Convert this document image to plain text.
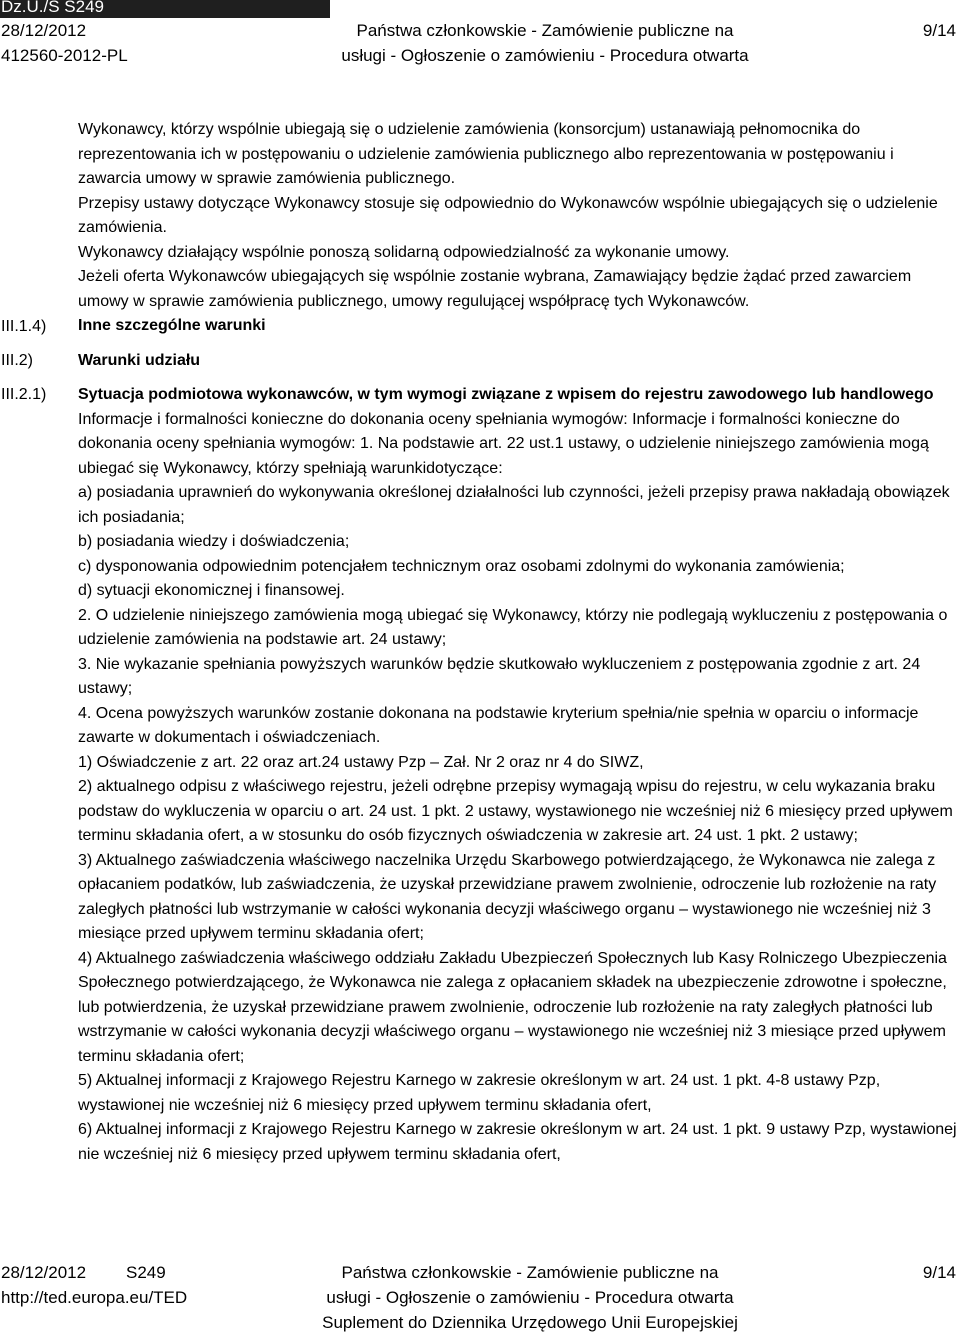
Dz.U./S S249
28/12/2012
412560-2012-PL
Państwa członkowskie - Zamówienie publiczne na
usługi - Ogłoszenie o zamówieniu - Procedura otwarta
9/14
III.1.4)
III.2)
III.2.1)

Wykonawcy, którzy wspólnie ubiegają się o udzielenie zamówienia (konsorcjum) ustanawiają pełnomocnika do reprezentowania ich w postępowaniu o udzielenie zamówienia publicznego albo reprezentowania w postępowaniu i zawarcia umowy w sprawie zamówienia publicznego.

Przepisy ustawy dotyczące Wykonawcy stosuje się odpowiednio do Wykonawców wspólnie ubiegających się o udzielenie zamówienia.

Wykonawcy działający wspólnie ponoszą solidarną odpowiedzialność za wykonanie umowy.

Jeżeli oferta Wykonawców ubiegających się wspólnie zostanie wybrana, Zamawiający będzie żądać przed zawarciem umowy w sprawie zamówienia publicznego, umowy regulującej współpracę tych Wykonawców.

Inne szczególne warunki

Warunki udziału

Sytuacja podmiotowa wykonawców, w tym wymogi związane z wpisem do rejestru zawodowego lub handlowego

Informacje i formalności konieczne do dokonania oceny spełniania wymogów: Informacje i formalności konieczne do dokonania oceny spełniania wymogów: 1. Na podstawie art. 22 ust.1 ustawy, o udzielenie niniejszego zamówienia mogą ubiegać się Wykonawcy, którzy spełniają warunkidotyczące:

a) posiadania uprawnień do wykonywania określonej działalności lub czynności, jeżeli przepisy prawa nakładają obowiązek ich posiadania;

b) posiadania wiedzy i doświadczenia;

c) dysponowania odpowiednim potencjałem technicznym oraz osobami zdolnymi do wykonania zamówienia;

d) sytuacji ekonomicznej i finansowej.

2. O udzielenie niniejszego zamówienia mogą ubiegać się Wykonawcy, którzy nie podlegają wykluczeniu z postępowania o udzielenie zamówienia na podstawie art. 24 ustawy;

3. Nie wykazanie spełniania powyższych warunków będzie skutkowało wykluczeniem z postępowania zgodnie z art. 24 ustawy;

4. Ocena powyższych warunków zostanie dokonana na podstawie kryterium spełnia/nie spełnia w oparciu o informacje zawarte w dokumentach i oświadczeniach.

1) Oświadczenie z art. 22 oraz art.24 ustawy Pzp – Zał. Nr 2 oraz nr 4 do SIWZ,

2) aktualnego odpisu z właściwego rejestru, jeżeli odrębne przepisy wymagają wpisu do rejestru, w celu wykazania braku podstaw do wykluczenia w oparciu o art. 24 ust. 1 pkt. 2 ustawy, wystawionego nie wcześniej niż 6 miesięcy przed upływem terminu składania ofert, a w stosunku do osób fizycznych oświadczenia w zakresie art. 24 ust. 1 pkt. 2 ustawy;

3) Aktualnego zaświadczenia właściwego naczelnika Urzędu Skarbowego potwierdzającego, że Wykonawca nie zalega z opłacaniem podatków, lub zaświadczenia, że uzyskał przewidziane prawem zwolnienie, odroczenie lub rozłożenie na raty zaległych płatności lub wstrzymanie w całości wykonania decyzji właściwego organu – wystawionego nie wcześniej niż 3 miesiące przed upływem terminu składania ofert;

4) Aktualnego zaświadczenia właściwego oddziału Zakładu Ubezpieczeń Społecznych lub Kasy Rolniczego Ubezpieczenia Społecznego potwierdzającego, że Wykonawca nie zalega z opłacaniem składek na ubezpieczenie zdrowotne i społeczne, lub potwierdzenia, że uzyskał przewidziane prawem zwolnienie, odroczenie lub rozłożenie na raty zaległych płatności lub wstrzymanie w całości wykonania decyzji właściwego organu – wystawionego nie wcześniej niż 3 miesiące przed upływem terminu składania ofert;

5) Aktualnej informacji z Krajowego Rejestru Karnego w zakresie określonym w art. 24 ust. 1 pkt. 4-8 ustawy Pzp, wystawionej nie wcześniej niż 6 miesięcy przed upływem terminu składania ofert,

6) Aktualnej informacji z Krajowego Rejestru Karnego w zakresie określonym w art. 24 ust. 1 pkt. 9 ustawy Pzp, wystawionej nie wcześniej niż 6 miesięcy przed upływem terminu składania ofert,

28/12/2012 S249
http://ted.europa.eu/TED
Państwa członkowskie - Zamówienie publiczne na
usługi - Ogłoszenie o zamówieniu - Procedura otwarta
Suplement do Dziennika Urzędowego Unii Europejskiej
9/14
